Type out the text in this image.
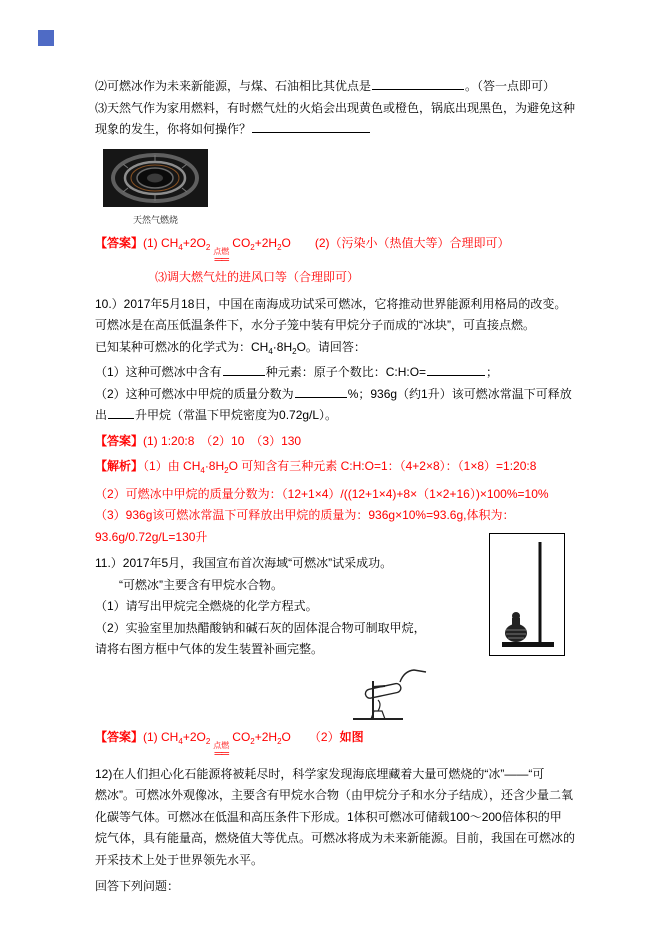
⑵可燃冰作为未来新能源，与煤、石油相比其优点是	。（答一点即可）
⑶天然气作为家用燃料，有时燃气灶的火焰会出现黄色或橙色，锅底出现黑色，为避免这种
现象的发生，你将如何操作？
天然气燃烧
【答案】(1) $CH_4+2O_2$ 点燃
══
$CO_2+2H_2O$　　(2)（污染小（热值大等）合理即可）
⑶调大燃气灶的进风口等（合理即可）
10.）2017年5月18日，中国在南海成功试采可燃冰，它将推动世界能源利用格局的改变。
可燃冰是在高压低温条件下，水分子笼中装有甲烷分子而成的“冰块”，可直接点燃。
已知某种可燃冰的化学式为：$CH_4\cdot 8H_2O$。请回答：
（1）这种可燃冰中含有	种元素：原子个数比：C:H:O=	；
（2）这种可燃冰中甲烷的质量分数为	%；936g（约1升）该可燃冰常温下可释放
出 升甲烷（常温下甲烷密度为0.72g/L）。
【答案】(1) 1:20:8　（2）10　（3）130
【解析】（1）由 $CH_4\cdot 8H_2O$ 可知含有三种元素 C:H:O=1：（4+2×8）：（1×8）=1:20:8
（2）可燃冰中甲烷的质量分数为：（12+1×4）/((12+1×4)+8×（1×2+16）)×100%=10%
（3）936g该可燃冰常温下可释放出甲烷的质量为：936g×10%=93.6g,体积为：
93.6g/0.72g/L=130升
11.）2017年5月，我国宣布首次海域“可燃冰”试采成功。
“可燃冰”主要含有甲烷水合物。
（1）请写出甲烷完全燃烧的化学方程式。
（2）实验室里加热醋酸钠和碱石灰的固体混合物可制取甲烷，
请将右图方框中气体的发生装置补画完整。
【答案】(1) $CH_4+2O_2$ 点燃
══
$CO_2+2H_2O$　　（2）如图
12)在人们担心化石能源将被耗尽时，科学家发现海底埋藏着大量可燃烧的“冰”——“可
燃冰”。可燃冰外观像冰，主要含有甲烷水合物（由甲烷分子和水分子结成），还含少量二氧
化碳等气体。可燃冰在低温和高压条件下形成。1体积可燃冰可储载100～200倍体积的甲
烷气体，具有能量高，燃烧值大等优点。可燃冰将成为未来新能源。目前，我国在可燃冰的
开采技术上处于世界领先水平。
回答下列问题：
